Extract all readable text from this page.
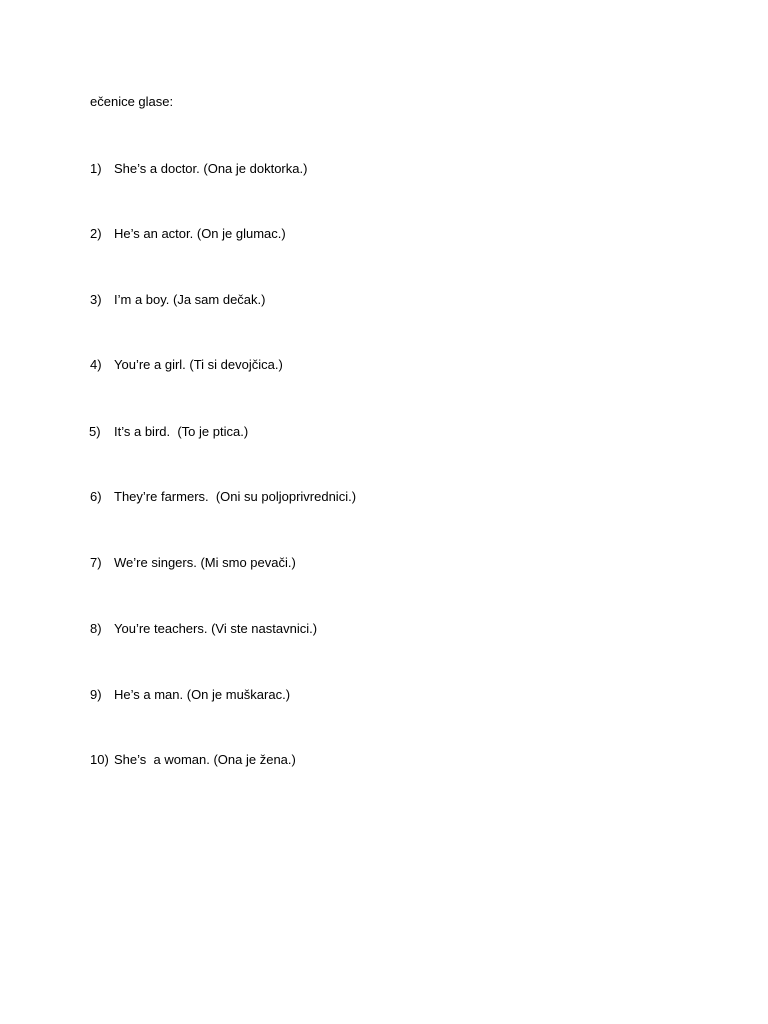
ečenice glase:

1)

She’s a doctor. (Ona je doktorka.)

2)

He’s an actor. (On je glumac.)

3)

I’m a boy. (Ja sam dečak.)

4)

You’re a girl. (Ti si devojčica.)

5)

It’s a bird.  (To je ptica.)

6)

They’re farmers.  (Oni su poljoprivrednici.)

7)

We’re singers. (Mi smo pevači.)

8)

You’re teachers. (Vi ste nastavnici.)

9)

He’s a man. (On je muškarac.)

10)

She’s  a woman. (Ona je žena.)
